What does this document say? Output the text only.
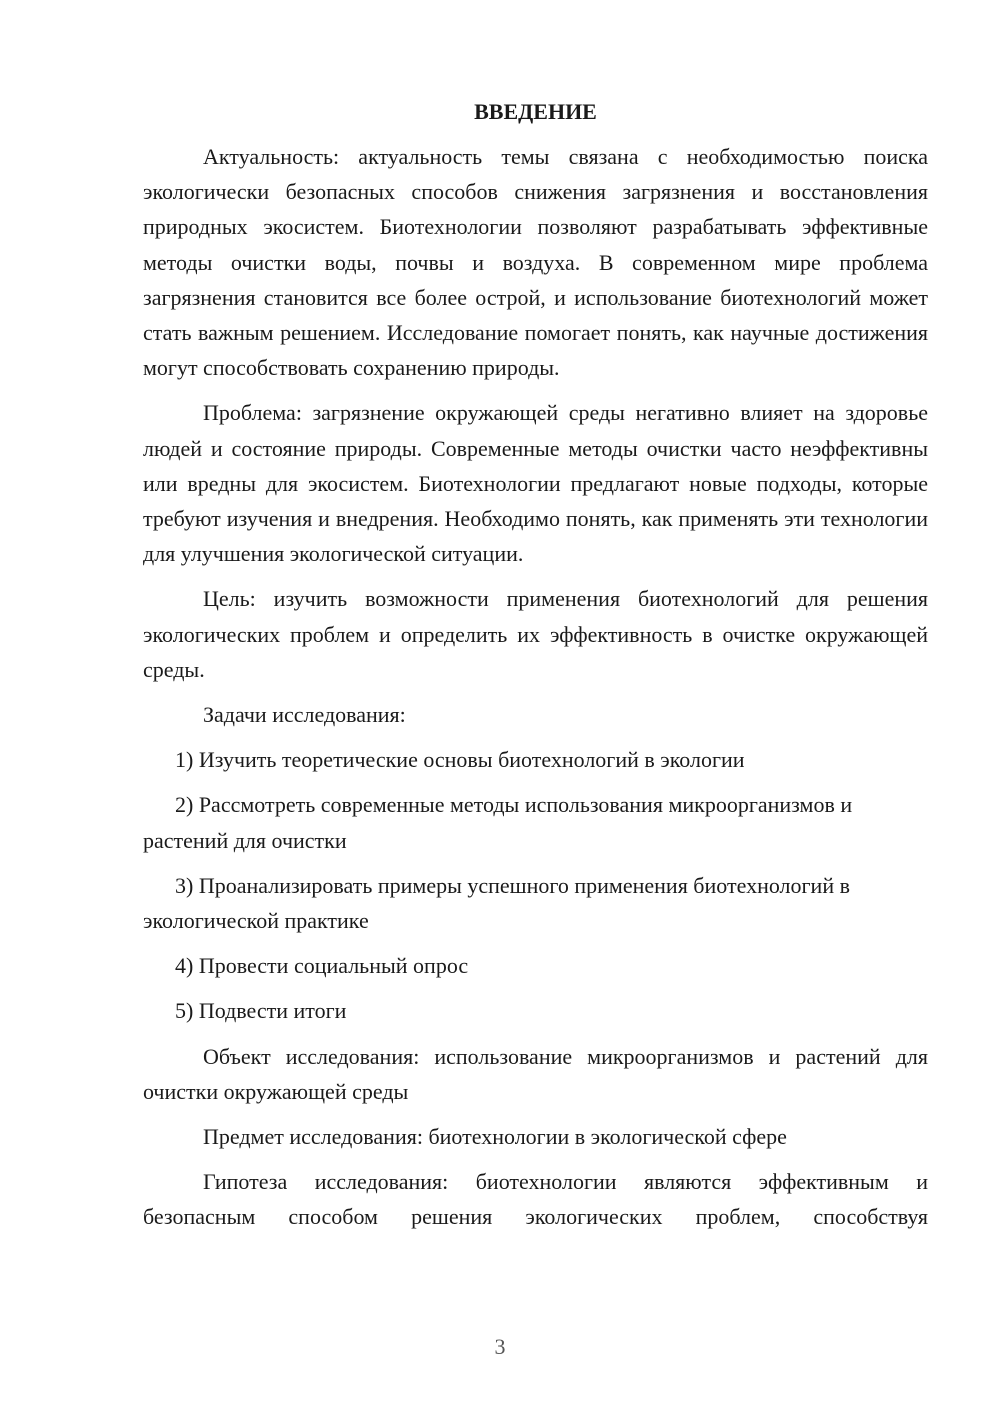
ВВЕДЕНИЕ

Актуальность: актуальность темы связана с необходимостью поиска экологически безопасных способов снижения загрязнения и восстановления природных экосистем. Биотехнологии позволяют разрабатывать эффективные методы очистки воды, почвы и воздуха. В современном мире проблема загрязнения становится все более острой, и использование биотехнологий может стать важным решением. Исследование помогает понять, как научные достижения могут способствовать сохранению природы.

Проблема: загрязнение окружающей среды негативно влияет на здоровье людей и состояние природы. Современные методы очистки часто неэффективны или вредны для экосистем. Биотехнологии предлагают новые подходы, которые требуют изучения и внедрения. Необходимо понять, как применять эти технологии для улучшения экологической ситуации.

Цель: изучить возможности применения биотехнологий для решения экологических проблем и определить их эффективность в очистке окружающей среды.

Задачи исследования:

1) Изучить теоретические основы биотехнологий в экологии

2) Рассмотреть современные методы использования микроорганизмов и растений для очистки

3) Проанализировать примеры успешного применения биотехнологий в экологической практике

4) Провести социальный опрос

5) Подвести итоги

Объект исследования: использование микроорганизмов и растений для очистки окружающей среды

Предмет исследования: биотехнологии в экологической сфере

Гипотеза исследования: биотехнологии являются эффективным и безопасным способом решения экологических проблем, способствуя

3
